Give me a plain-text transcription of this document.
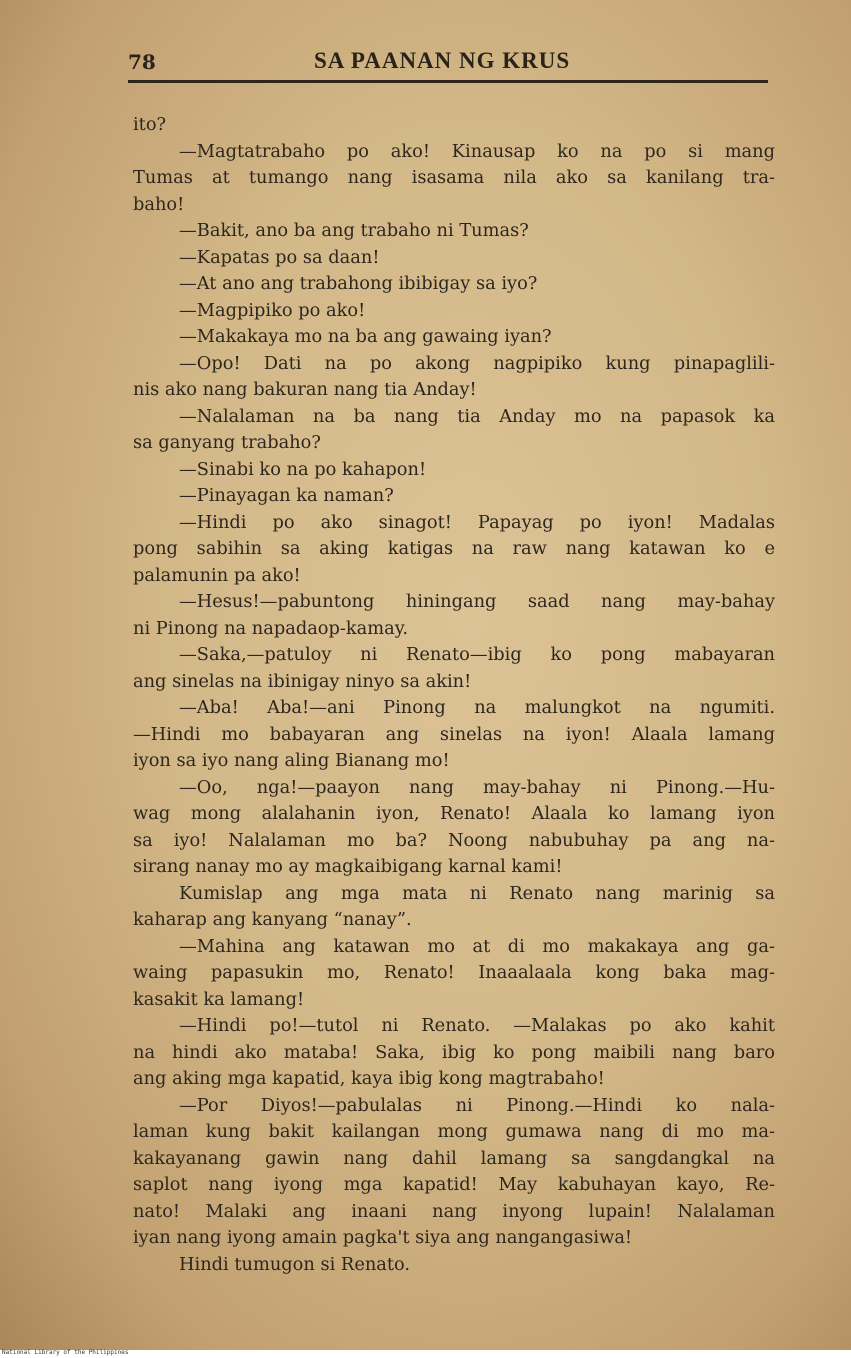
78	SA PAANAN NG KRUS
ito?
—Magtatrabaho po ako! Kinausap ko na po si mang
Tumas at tumango nang isasama nila ako sa kanilang tra-
baho!
—Bakit, ano ba ang trabaho ni Tumas?
—Kapatas po sa daan!
—At ano ang trabahong ibibigay sa iyo?
—Magpipiko po ako!
—Makakaya mo na ba ang gawaing iyan?
—Opo! Dati na po akong nagpipiko kung pinapaglili-
nis ako nang bakuran nang tia Anday!
—Nalalaman na ba nang tia Anday mo na papasok ka
sa ganyang trabaho?
—Sinabi ko na po kahapon!
—Pinayagan ka naman?
—Hindi po ako sinagot! Papayag po iyon! Madalas
pong sabihin sa aking katigas na raw nang katawan ko e
palamunin pa ako!
—Hesus!—pabuntong hiningang saad nang may-bahay
ni Pinong na napadaop-kamay.
—Saka,—patuloy ni Renato—ibig ko pong mabayaran
ang sinelas na ibinigay ninyo sa akin!
—Aba! Aba!—ani Pinong na malungkot na ngumiti.
—Hindi mo babayaran ang sinelas na iyon! Alaala lamang
iyon sa iyo nang aling Bianang mo!
—Oo, nga!—paayon nang may-bahay ni Pinong.—Hu-
wag mong alalahanin iyon, Renato! Alaala ko lamang iyon
sa iyo! Nalalaman mo ba? Noong nabubuhay pa ang na-
sirang nanay mo ay magkaibigang karnal kami!
Kumislap ang mga mata ni Renato nang marinig sa
kaharap ang kanyang “nanay”.
—Mahina ang katawan mo at di mo makakaya ang ga-
waing papasukin mo, Renato! Inaaalaala kong baka mag-
kasakit ka lamang!
—Hindi po!—tutol ni Renato. —Malakas po ako kahit
na hindi ako mataba! Saka, ibig ko pong maibili nang baro
ang aking mga kapatid, kaya ibig kong magtrabaho!
—Por Diyos!—pabulalas ni Pinong.—Hindi ko nala-
laman kung bakit kailangan mong gumawa nang di mo ma-
kakayanang gawin nang dahil lamang sa sangdangkal na
saplot nang iyong mga kapatid! May kabuhayan kayo, Re-
nato! Malaki ang inaani nang inyong lupain! Nalalaman
iyan nang iyong amain pagka't siya ang nangangasiwa!
Hindi tumugon si Renato.
National Library of the Philippines
